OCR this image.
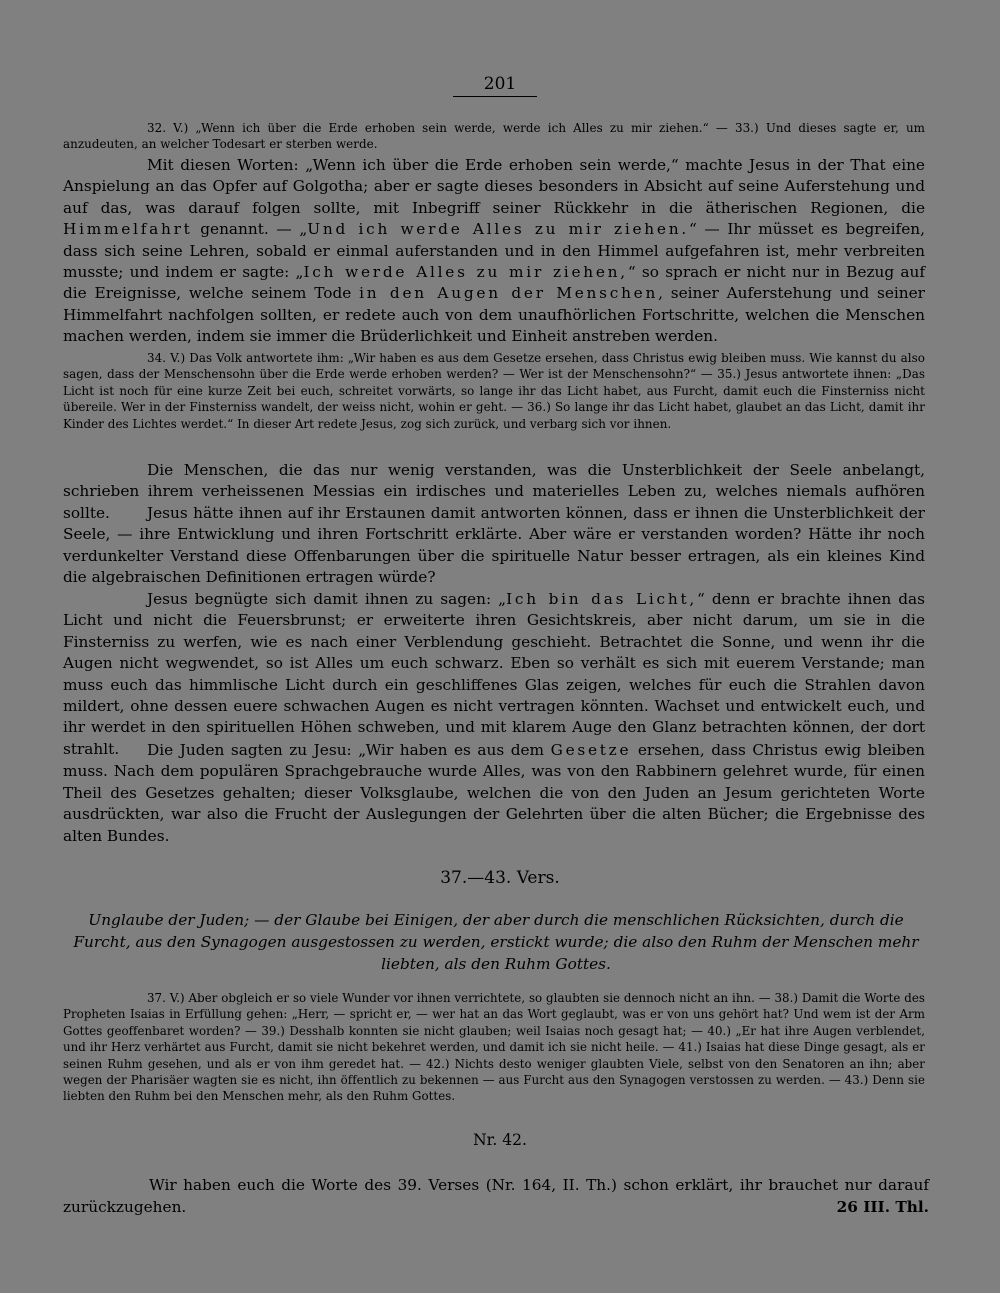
201

32. V.) „Wenn ich über die Erde erhoben sein werde, werde ich Alles zu mir ziehen.“ — 33.) Und dieses sagte er, um anzudeuten, an welcher Todesart er sterben werde.

Mit diesen Worten: „Wenn ich über die Erde erhoben sein werde,“ machte Jesus in der That eine Anspielung an das Opfer auf Golgotha; aber er sagte dieses besonders in Absicht auf seine Auferstehung und auf das, was darauf folgen sollte, mit Inbegriff seiner Rückkehr in die ätherischen Regionen, die Himmelfahrt genannt. — „Und ich werde Alles zu mir ziehen.“ — Ihr müsset es begreifen, dass sich seine Lehren, sobald er einmal auferstanden und in den Himmel aufgefahren ist, mehr verbreiten musste; und indem er sagte: „Ich werde Alles zu mir ziehen,“ so sprach er nicht nur in Bezug auf die Ereignisse, welche seinem Tode in den Augen der Menschen, seiner Auferstehung und seiner Himmelfahrt nachfolgen sollten, er redete auch von dem unaufhörlichen Fortschritte, welchen die Menschen machen werden, indem sie immer die Brüderlichkeit und Einheit anstreben werden.

34. V.) Das Volk antwortete ihm: „Wir haben es aus dem Gesetze ersehen, dass Christus ewig bleiben muss. Wie kannst du also sagen, dass der Menschensohn über die Erde werde erhoben werden? — Wer ist der Menschensohn?“ — 35.) Jesus antwortete ihnen: „Das Licht ist noch für eine kurze Zeit bei euch, schreitet vorwärts, so lange ihr das Licht habet, aus Furcht, damit euch die Finsterniss nicht übereile. Wer in der Finsterniss wandelt, der weiss nicht, wohin er geht. — 36.) So lange ihr das Licht habet, glaubet an das Licht, damit ihr Kinder des Lichtes werdet.“ In dieser Art redete Jesus, zog sich zurück, und verbarg sich vor ihnen.

Die Menschen, die das nur wenig verstanden, was die Unsterblichkeit der Seele anbelangt, schrieben ihrem verheissenen Messias ein irdisches und materielles Leben zu, welches niemals aufhören sollte.	Jesus hätte ihnen auf ihr Erstaunen damit antworten können, dass er ihnen die Unsterblichkeit der Seele, — ihre Entwicklung und ihren Fortschritt erklärte. Aber wäre er verstanden worden? Hätte ihr noch verdunkelter Verstand diese Offenbarungen über die spirituelle Natur besser ertragen, als ein kleines Kind die algebraischen Definitionen ertragen würde?

Jesus begnügte sich damit ihnen zu sagen: „Ich bin das Licht,“ denn er brachte ihnen das Licht und nicht die Feuersbrunst; er erweiterte ihren Gesichtskreis, aber nicht darum, um sie in die Finsterniss zu werfen, wie es nach einer Verblendung geschieht. Betrachtet die Sonne, und wenn ihr die Augen nicht wegwendet, so ist Alles um euch schwarz. Eben so verhält es sich mit euerem Verstande; man muss euch das himmlische Licht durch ein geschliffenes Glas zeigen, welches für euch die Strahlen davon mildert, ohne dessen euere schwachen Augen es nicht vertragen könnten. Wachset und entwickelt euch, und ihr werdet in den spirituellen Höhen schweben, und mit klarem Auge den Glanz betrachten können, der dort strahlt.	Die Juden sagten zu Jesu: „Wir haben es aus dem Gesetze ersehen, dass Christus ewig bleiben muss. Nach dem populären Sprachgebrauche wurde Alles, was von den Rabbinern gelehret wurde, für einen Theil des Gesetzes gehalten; dieser Volksglaube, welchen die von den Juden an Jesum gerichteten Worte ausdrückten, war also die Frucht der Auslegungen der Gelehrten über die alten Bücher; die Ergebnisse des alten Bundes.

37.—43. Vers.
Unglaube der Juden; — der Glaube bei Einigen, der aber durch die menschlichen Rücksichten, durch die Furcht, aus den Synagogen ausgestossen zu werden, erstickt wurde; die also den Ruhm der Menschen mehr liebten, als den Ruhm Gottes.

37. V.) Aber obgleich er so viele Wunder vor ihnen verrichtete, so glaubten sie dennoch nicht an ihn. — 38.) Damit die Worte des Propheten Isaias in Erfüllung gehen: „Herr, — spricht er, — wer hat an das Wort geglaubt, was er von uns gehört hat? Und wem ist der Arm Gottes geoffenbaret worden? — 39.) Desshalb konnten sie nicht glauben; weil Isaias noch gesagt hat; — 40.) „Er hat ihre Augen verblendet, und ihr Herz verhärtet aus Furcht, damit sie nicht bekehret werden, und damit ich sie nicht heile. — 41.) Isaias hat diese Dinge gesagt, als er seinen Ruhm gesehen, und als er von ihm geredet hat. — 42.) Nichts desto weniger glaubten Viele, selbst von den Senatoren an ihn; aber wegen der Pharisäer wagten sie es nicht, ihn öffentlich zu bekennen — aus Furcht aus den Synagogen verstossen zu werden. — 43.) Denn sie liebten den Ruhm bei den Menschen mehr, als den Ruhm Gottes.

Nr. 42.

Wir haben euch die Worte des 39. Verses (Nr. 164, II. Th.) schon erklärt, ihr brauchet nur darauf zurückzugehen.	26 III. Thl.
